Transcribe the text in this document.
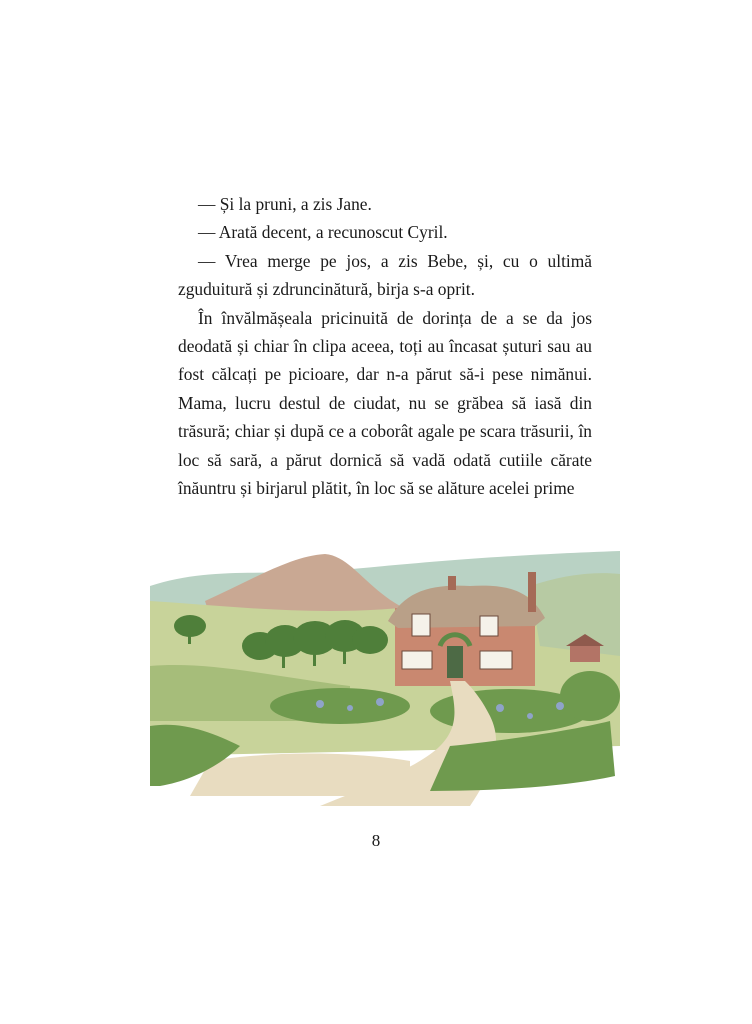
— Și la pruni, a zis Jane.

— Arată decent, a recunoscut Cyril.

— Vrea merge pe jos, a zis Bebe, și, cu o ultimă zguduitură și zdruncinătură, birja s-a oprit.

În învălmășeala pricinuită de dorința de a se da jos deodată și chiar în clipa aceea, toți au încasat șuturi sau au fost călcați pe picioare, dar n-a părut să-i pese nimănui. Mama, lucru destul de ciudat, nu se grăbea să iasă din trăsură; chiar și după ce a coborât agale pe scara trăsurii, în loc să sară, a părut dornică să vadă odată cutiile cărate înăuntru și birjarul plătit, în loc să se alăture acelei prime

8
